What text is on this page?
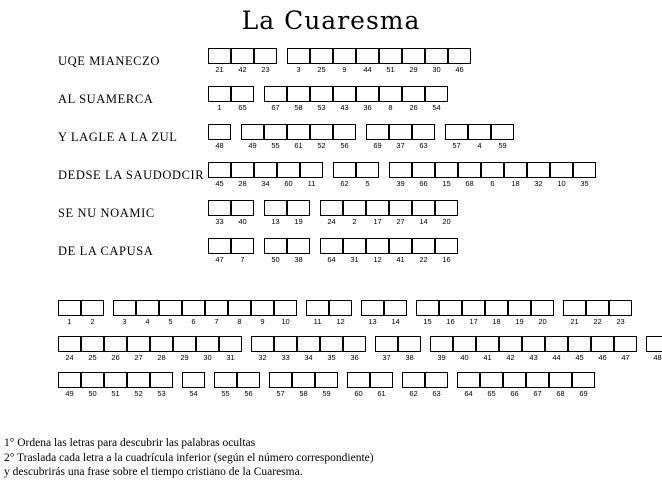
La Cuaresma
UQE MIANECZO
21	42	23	3	25	9	44	51	29	30	46
AL SUAMERCA
1	65	67	58	53	43	36	8	26	54
Y LAGLE A LA ZUL
48	49	55	61	52	56	69	37	63	57	4	59
DEDSE LA SAUDODCIR
45	28	34	60	11	62	5	39	66	15	68	6	18	32	10	35
SE NU NOAMIC
33	40	13	19	24	2	17	27	14	20
DE LA CAPUSA
47	7	50	38	64	31	12	41	22	16
1	2	3	4	5	6	7	8	9	10	11	12	13	14	15	16	17	18	19	20	21	22	23
24	25	26	27	28	29	30	31	32	33	34	35	36	37	38	39	40	41	42	43	44	45	46	47	48
49	50	51	52	53	54	55	56	57	58	59	60	61	62	63	64	65	66	67	68	69
1° Ordena las letras para descubrir las palabras ocultas
2° Traslada cada letra a la cuadrícula inferior (según el número correspondiente)
y descubrirás una frase sobre el tiempo cristiano de la Cuaresma.
